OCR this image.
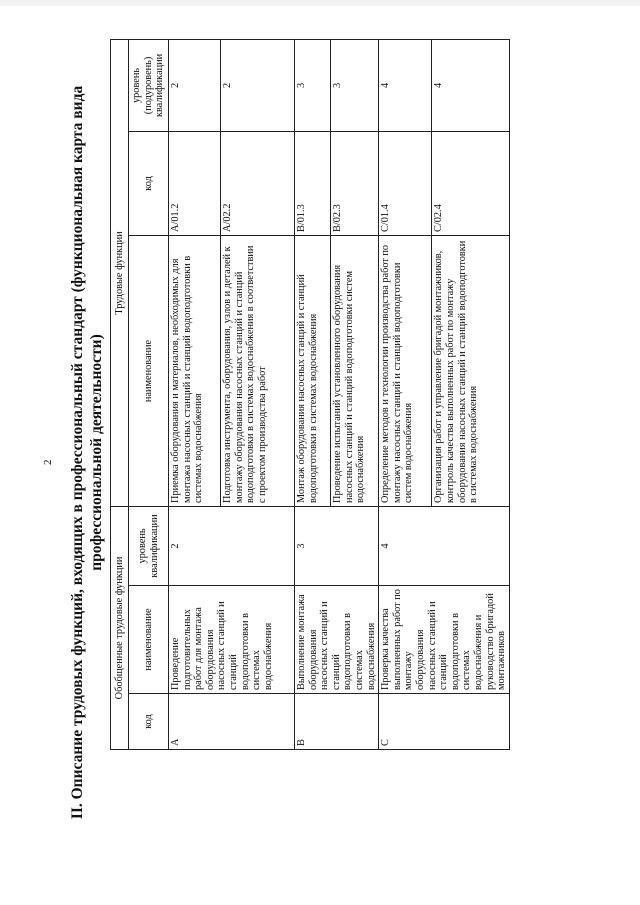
2 II. Описание трудовых функций, входящих в профессиональный стандарт (функциональная карта вида профессиональной деятельности)
Обобщенные трудовые функции			Трудовые функции		
код	наименование	уровень квалификации	наименование	код	уровень (подуровень) квалификации
A	Проведение подготовительных работ для монтажа оборудования насосных станций и станций водоподготовки в системах водоснабжения	2	Приемка оборудования и материалов, необходимых для монтажа насосных станций и станций водоподготовки в системах водоснабжения	A/01.2	2
			Подготовка инструмента, оборудования, узлов и деталей к монтажу оборудования насосных станций и станций водоподготовки в системах водоснабжения в соответствии с проектом производства работ	A/02.2	2
B	Выполнение монтажа оборудования насосных станций и станций водоподготовки в системах водоснабжения	3	Монтаж оборудования насосных станций и станций водоподготовки в системах водоснабжения	B/01.3	3
			Проведение испытаний установленного оборудования насосных станций и станций водоподготовки систем водоснабжения	B/02.3	3
C	Проверка качества выполненных работ по монтажу оборудования насосных станций и станций водоподготовки в системах водоснабжения и руководство бригадой монтажников	4	Определение методов и технологии производства работ по монтажу насосных станций и станций водоподготовки систем водоснабжения	C/01.4	4
			Организация работ и управление бригадой монтажников, контроль качества выполненных работ по монтажу оборудования насосных станций и станций водоподготовки в системах водоснабжения	C/02.4	4
